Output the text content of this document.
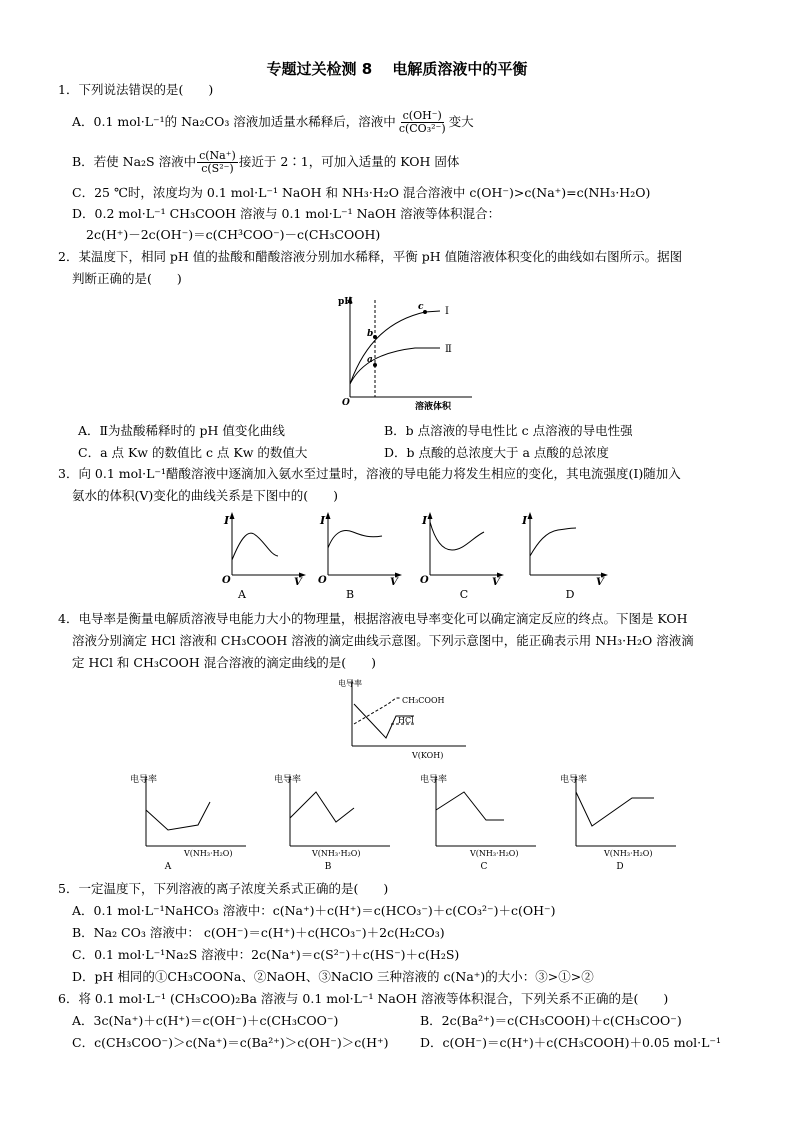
专题过关检测 8　 电解质溶液中的平衡
1．下列说法错误的是(　　)
A．0.1 mol·L⁻¹的 Na₂CO₃ 溶液加适量水稀释后，溶液中 $\frac{c(OH^-)}{\text{c(CO₃²⁻)}}$ 变大
B．若使 Na₂S 溶液中 $\frac{c(Na^+)}{\text{c(S²⁻)}}$ 接近于 2∶1，可加入适量的 KOH 固体
C．25 ℃时，浓度均为 0.1 mol·L⁻¹ NaOH 和 NH₃·H₂O 混合溶液中 c(OH⁻)>c(Na⁺)=c(NH₃·H₂O)
D．0.2 mol·L⁻¹ CH₃COOH 溶液与 0.1 mol·L⁻¹ NaOH 溶液等体积混合：
2c(H⁺)－2c(OH⁻)＝c(CH³COO⁻)－c(CH₃COOH)
2．某温度下，相同 pH 值的盐酸和醋酸溶液分别加水稀释，平衡 pH 值随溶液体积变化的曲线如右图所示。据图
判断正确的是(　　)
pH
O	溶液体积
Ⅰ
Ⅱ
b
a
c
A．Ⅱ为盐酸稀释时的 pH 值变化曲线	B．b 点溶液的导电性比 c 点溶液的导电性强
C．a 点 Kw 的数值比 c 点 Kw 的数值大	D．b 点酸的总浓度大于 a 点酸的总浓度
3．向 0.1 mol·L⁻¹醋酸溶液中逐滴加入氨水至过量时，溶液的导电能力将发生相应的变化，其电流强度(I)随加入
氨水的体积(V)变化的曲线关系是下图中的(　　)
I
O	V
I
O	V
I
O	V
I
V
A	B	C	D
4．电导率是衡量电解质溶液导电能力大小的物理量，根据溶液电导率变化可以确定滴定反应的终点。下图是 KOH
溶液分别滴定 HCl 溶液和 CH₃COOH 溶液的滴定曲线示意图。下列示意图中，能正确表示用 NH₃·H₂O 溶液滴
定 HCl 和 CH₃COOH 混合溶液的滴定曲线的是(　　)
电导率
CH₃COOH
HCl
V(KOH)
电导率
V(NH₃·H₂O)
电导率
V(NH₃·H₂O)
电导率
V(NH₃·H₂O)
电导率
V(NH₃·H₂O)
A	B	C	D
5．一定温度下，下列溶液的离子浓度关系式正确的是(　　)
A．0.1 mol·L⁻¹NaHCO₃ 溶液中：c(Na⁺)＋c(H⁺)＝c(HCO₃⁻)＋c(CO₃²⁻)＋c(OH⁻)
B．Na₂ CO₃ 溶液中： c(OH⁻)＝c(H⁺)＋c(HCO₃⁻)＋2c(H₂CO₃)
C．0.1 mol·L⁻¹Na₂S 溶液中：2c(Na⁺)＝c(S²⁻)＋c(HS⁻)＋c(H₂S)
D．pH 相同的①CH₃COONa、②NaOH、③NaClO 三种溶液的 c(Na⁺)的大小：③>①>②
6．将 0.1 mol·L⁻¹ (CH₃COO)₂Ba 溶液与 0.1 mol·L⁻¹ NaOH 溶液等体积混合，下列关系不正确的是(　　)
A．3c(Na⁺)＋c(H⁺)＝c(OH⁻)＋c(CH₃COO⁻)	B．2c(Ba²⁺)＝c(CH₃COOH)＋c(CH₃COO⁻)
C．c(CH₃COO⁻)＞c(Na⁺)＝c(Ba²⁺)＞c(OH⁻)＞c(H⁺)	D．c(OH⁻)＝c(H⁺)＋c(CH₃COOH)＋0.05 mol·L⁻¹
